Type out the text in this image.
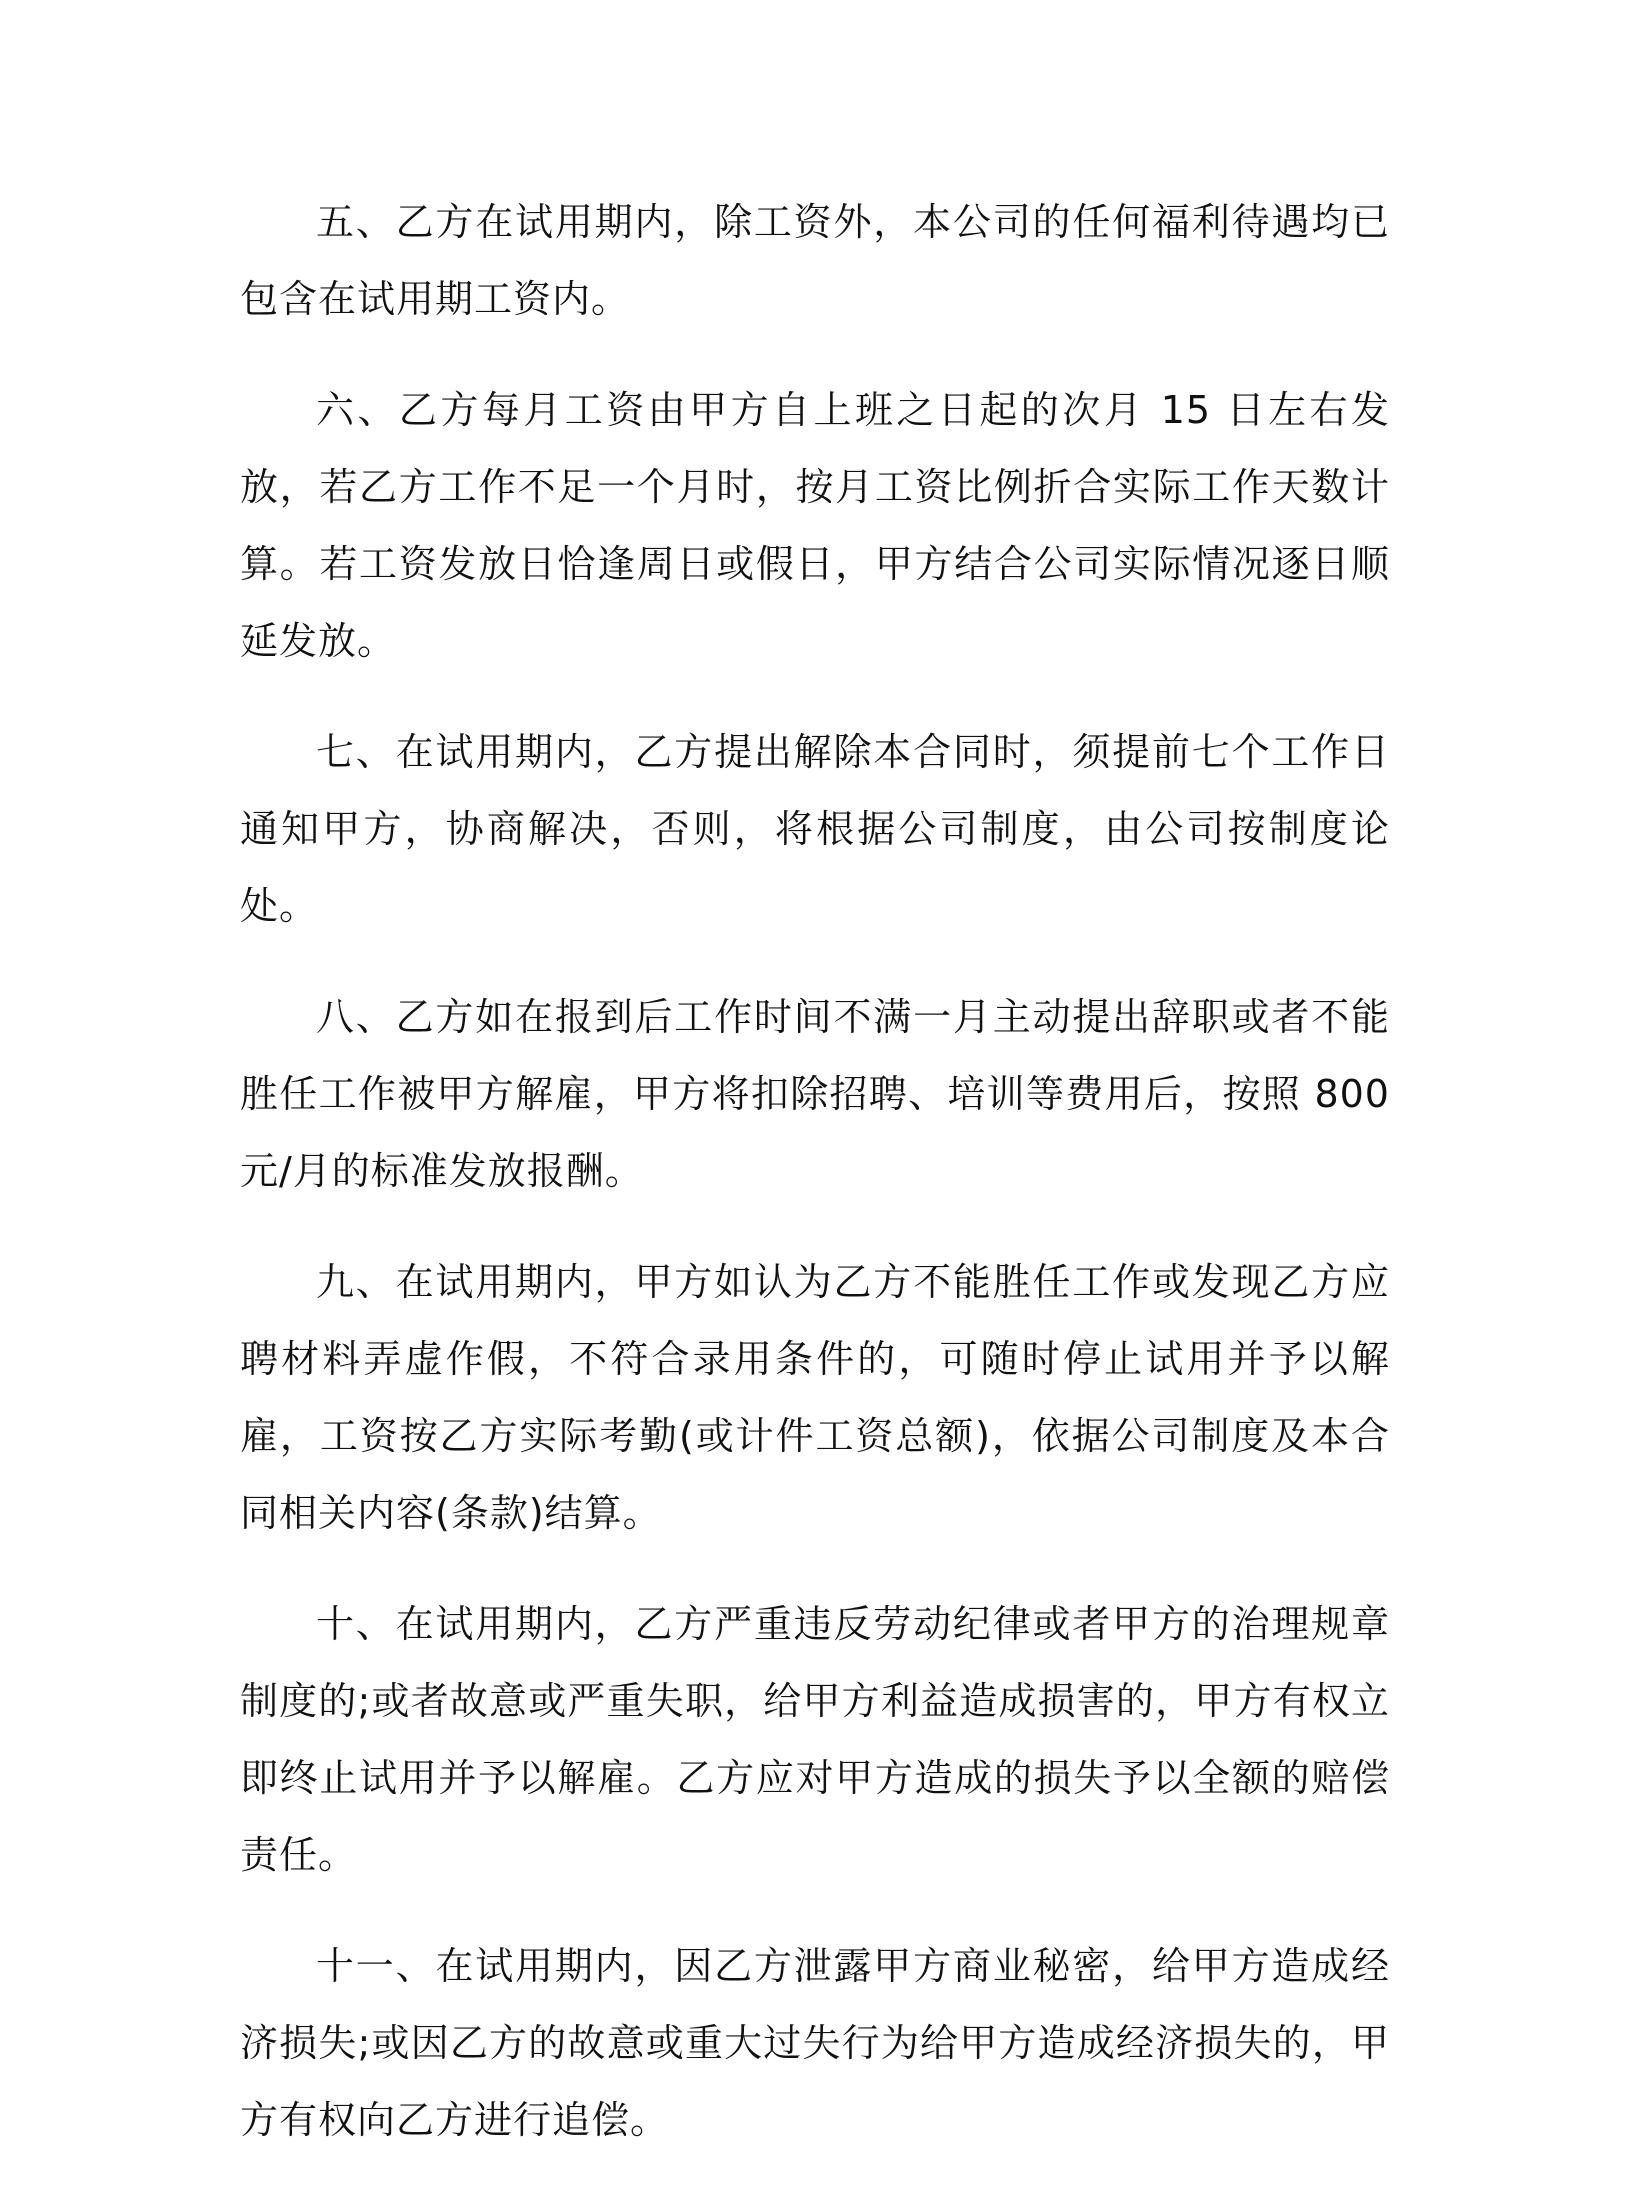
五、乙方在试用期内，除工资外，本公司的任何福利待遇均已包含在试用期工资内。

六、乙方每月工资由甲方自上班之日起的次月 15 日左右发放，若乙方工作不足一个月时，按月工资比例折合实际工作天数计算。若工资发放日恰逢周日或假日，甲方结合公司实际情况逐日顺延发放。

七、在试用期内，乙方提出解除本合同时，须提前七个工作日通知甲方，协商解决，否则，将根据公司制度，由公司按制度论处。

八、乙方如在报到后工作时间不满一月主动提出辞职或者不能胜任工作被甲方解雇，甲方将扣除招聘、培训等费用后，按照 800 元/月的标准发放报酬。

九、在试用期内，甲方如认为乙方不能胜任工作或发现乙方应聘材料弄虚作假，不符合录用条件的，可随时停止试用并予以解雇，工资按乙方实际考勤(或计件工资总额)，依据公司制度及本合同相关内容(条款)结算。

十、在试用期内，乙方严重违反劳动纪律或者甲方的治理规章制度的;或者故意或严重失职，给甲方利益造成损害的，甲方有权立即终止试用并予以解雇。乙方应对甲方造成的损失予以全额的赔偿责任。

十一、在试用期内，因乙方泄露甲方商业秘密，给甲方造成经济损失;或因乙方的故意或重大过失行为给甲方造成经济损失的，甲方有权向乙方进行追偿。
